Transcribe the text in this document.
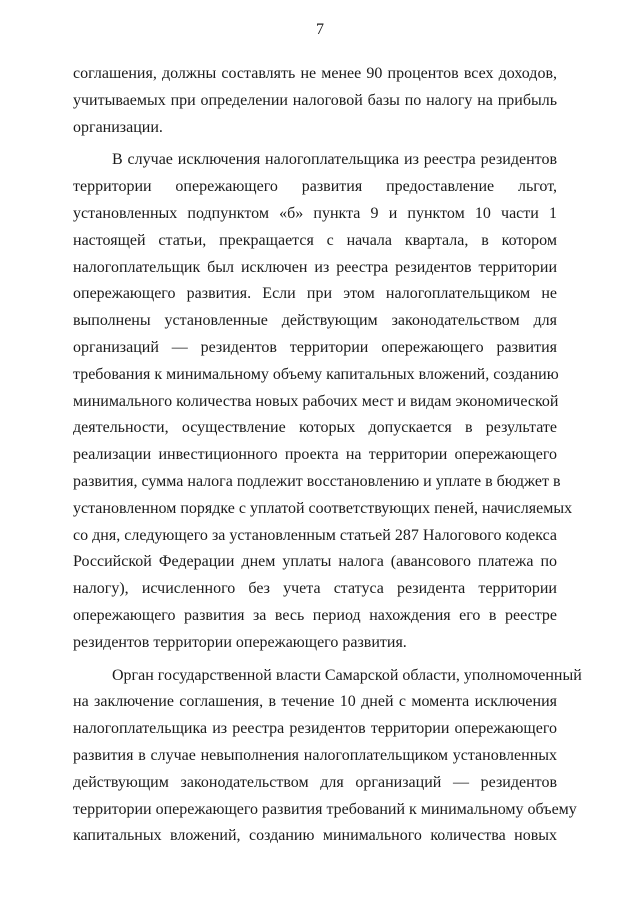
7

соглашения, должны составлять не менее 90 процентов всех доходов,
учитываемых при определении налоговой базы по налогу на прибыль
организации.

В случае исключения налогоплательщика из реестра резидентов
территории опережающего развития предоставление льгот,
установленных подпунктом «б» пункта 9 и пунктом 10 части 1
настоящей статьи, прекращается с начала квартала, в котором
налогоплательщик был исключен из реестра резидентов территории
опережающего развития. Если при этом налогоплательщиком не
выполнены установленные действующим законодательством для
организаций — резидентов территории опережающего развития
требования к минимальному объему капитальных вложений, созданию
минимального количества новых рабочих мест и видам экономической
деятельности, осуществление которых допускается в результате
реализации инвестиционного проекта на территории опережающего
развития, сумма налога подлежит восстановлению и уплате в бюджет в
установленном порядке с уплатой соответствующих пеней, начисляемых
со дня, следующего за установленным статьей 287 Налогового кодекса
Российской Федерации днем уплаты налога (авансового платежа по
налогу), исчисленного без учета статуса резидента территории
опережающего развития за весь период нахождения его в реестре
резидентов территории опережающего развития.

Орган государственной власти Самарской области, уполномоченный
на заключение соглашения, в течение 10 дней с момента исключения
налогоплательщика из реестра резидентов территории опережающего
развития в случае невыполнения налогоплательщиком установленных
действующим законодательством для организаций — резидентов
территории опережающего развития требований к минимальному объему
капитальных вложений, созданию минимального количества новых
